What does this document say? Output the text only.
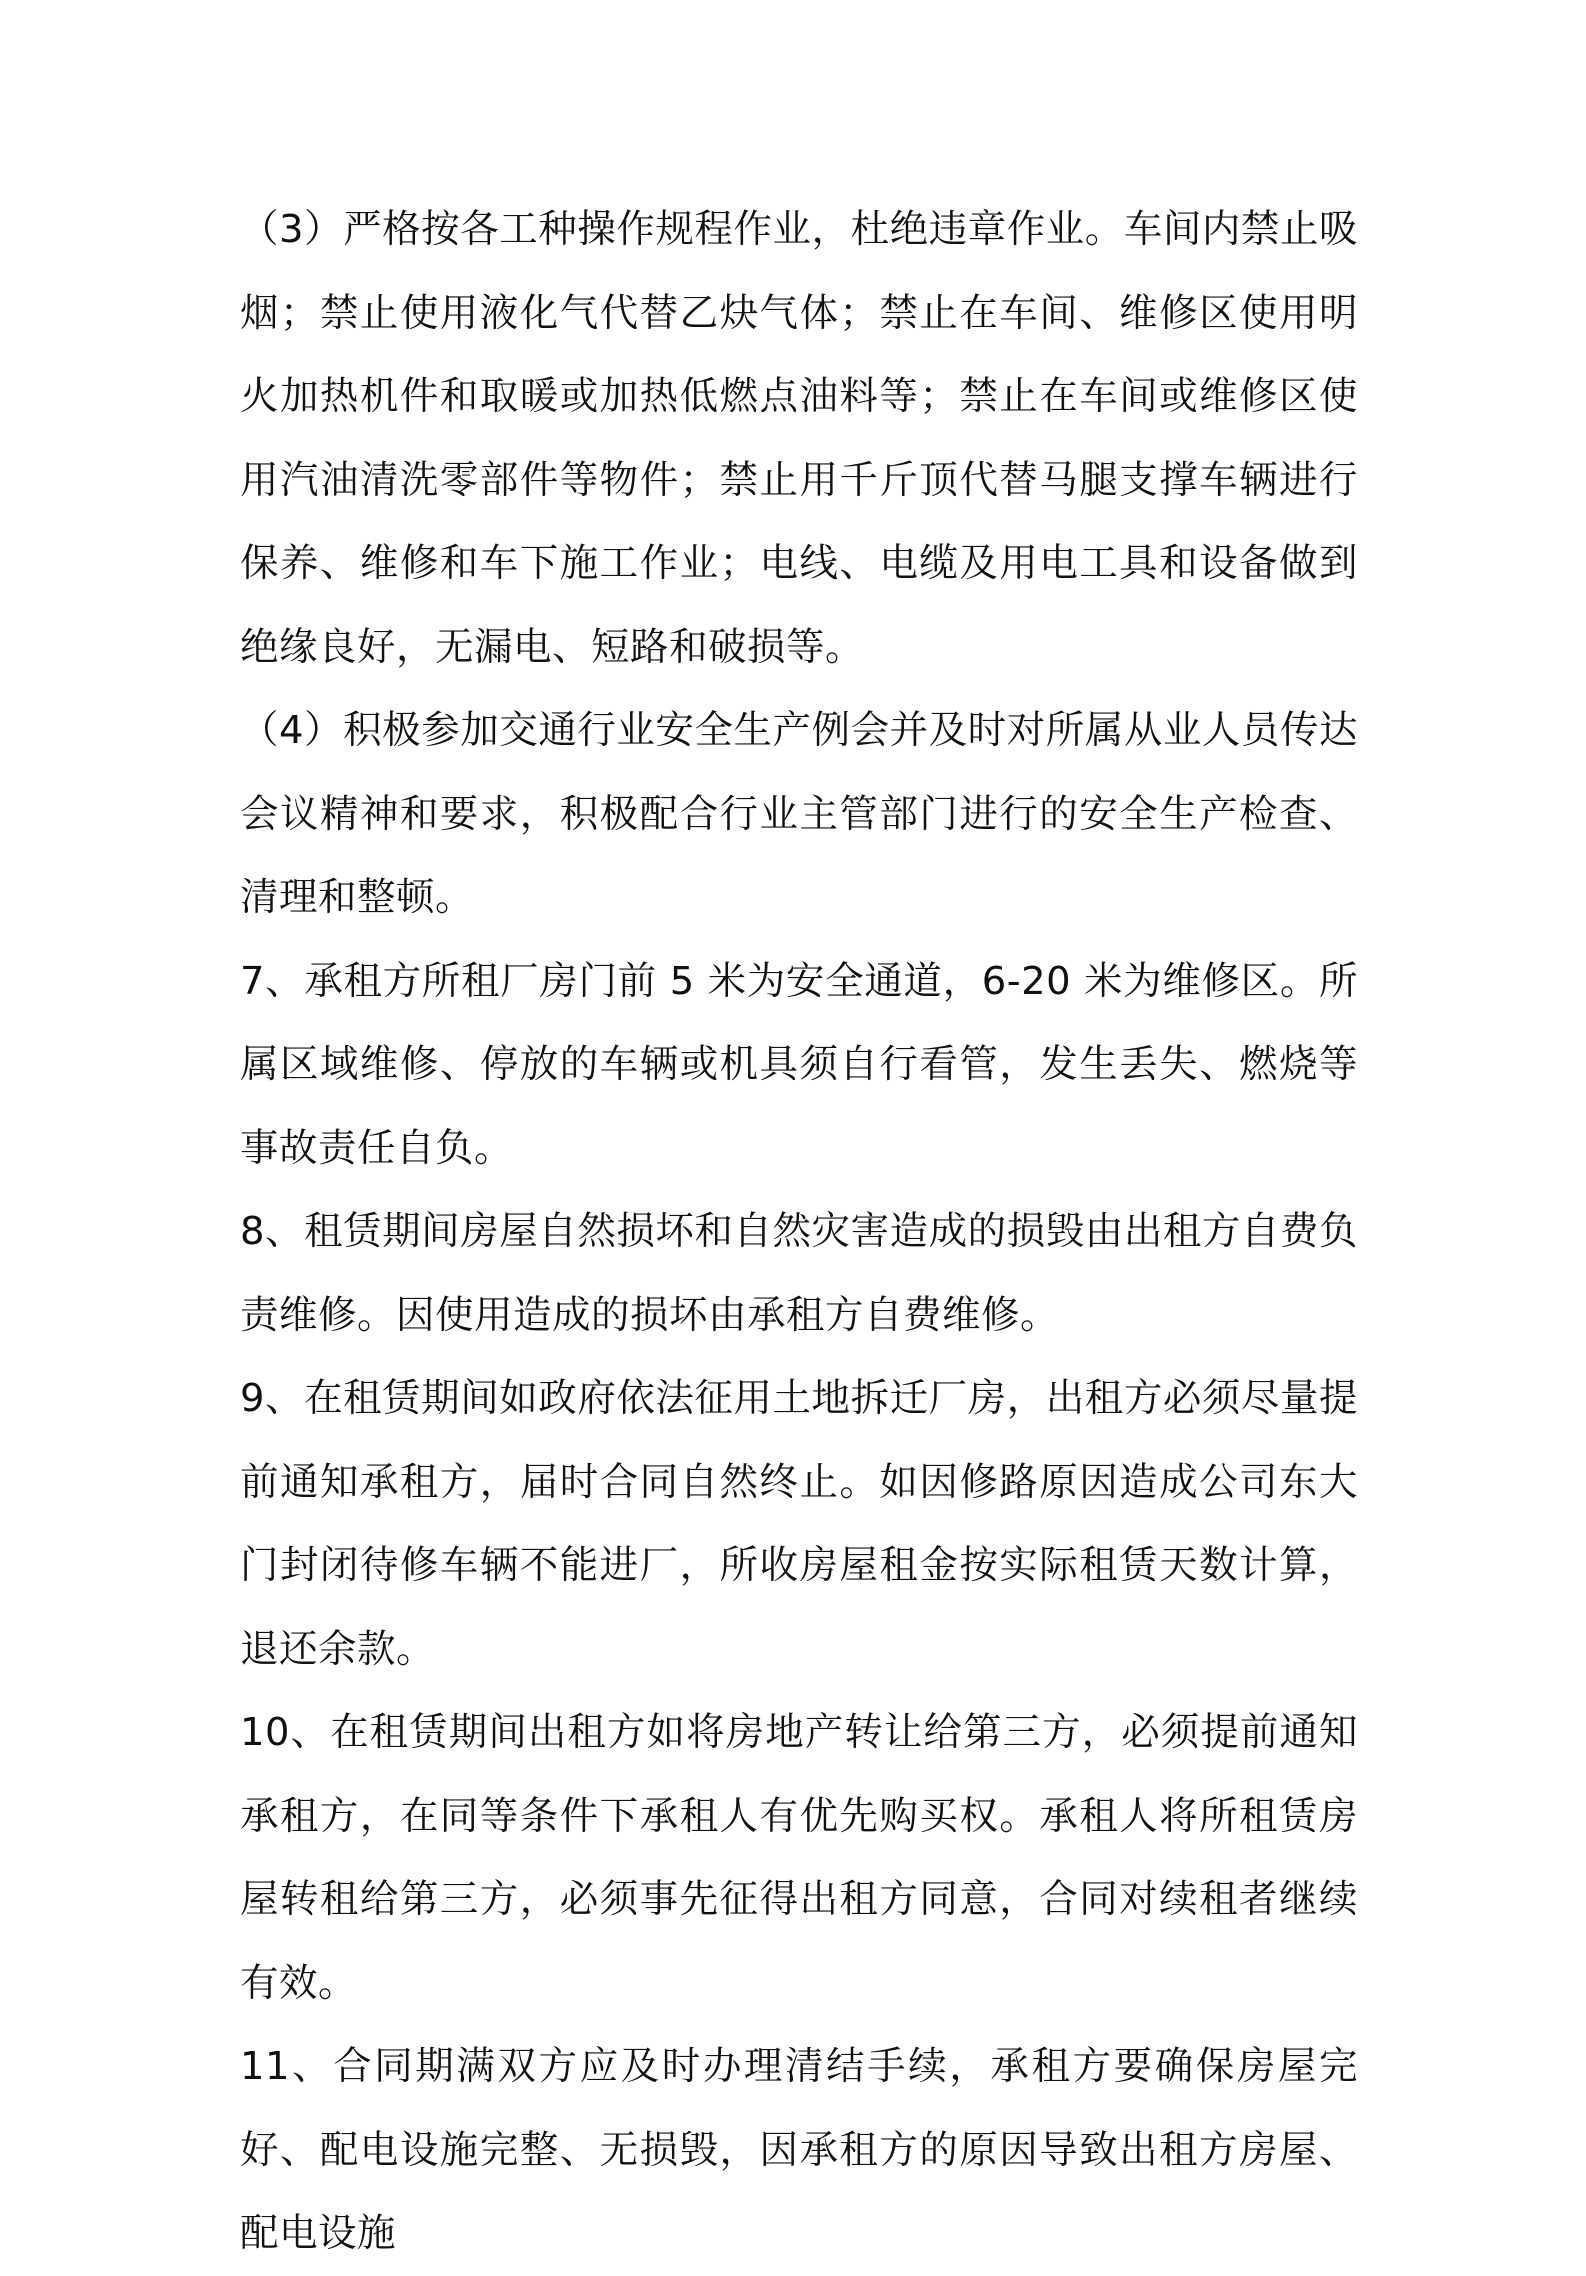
（3）严格按各工种操作规程作业，杜绝违章作业。车间内禁止吸烟；禁止使用液化气代替乙炔气体；禁止在车间、维修区使用明火加热机件和取暖或加热低燃点油料等；禁止在车间或维修区使用汽油清洗零部件等物件；禁止用千斤顶代替马腿支撑车辆进行保养、维修和车下施工作业；电线、电缆及用电工具和设备做到绝缘良好，无漏电、短路和破损等。

（4）积极参加交通行业安全生产例会并及时对所属从业人员传达会议精神和要求，积极配合行业主管部门进行的安全生产检查、清理和整顿。

7、承租方所租厂房门前 5 米为安全通道，6-20 米为维修区。所属区域维修、停放的车辆或机具须自行看管，发生丢失、燃烧等事故责任自负。

8、租赁期间房屋自然损坏和自然灾害造成的损毁由出租方自费负责维修。因使用造成的损坏由承租方自费维修。

9、在租赁期间如政府依法征用土地拆迁厂房，出租方必须尽量提前通知承租方，届时合同自然终止。如因修路原因造成公司东大门封闭待修车辆不能进厂，所收房屋租金按实际租赁天数计算，退还余款。

10、在租赁期间出租方如将房地产转让给第三方，必须提前通知承租方，在同等条件下承租人有优先购买权。承租人将所租赁房屋转租给第三方，必须事先征得出租方同意，合同对续租者继续有效。

11、合同期满双方应及时办理清结手续，承租方要确保房屋完好、配电设施完整、无损毁，因承租方的原因导致出租方房屋、配电设施
